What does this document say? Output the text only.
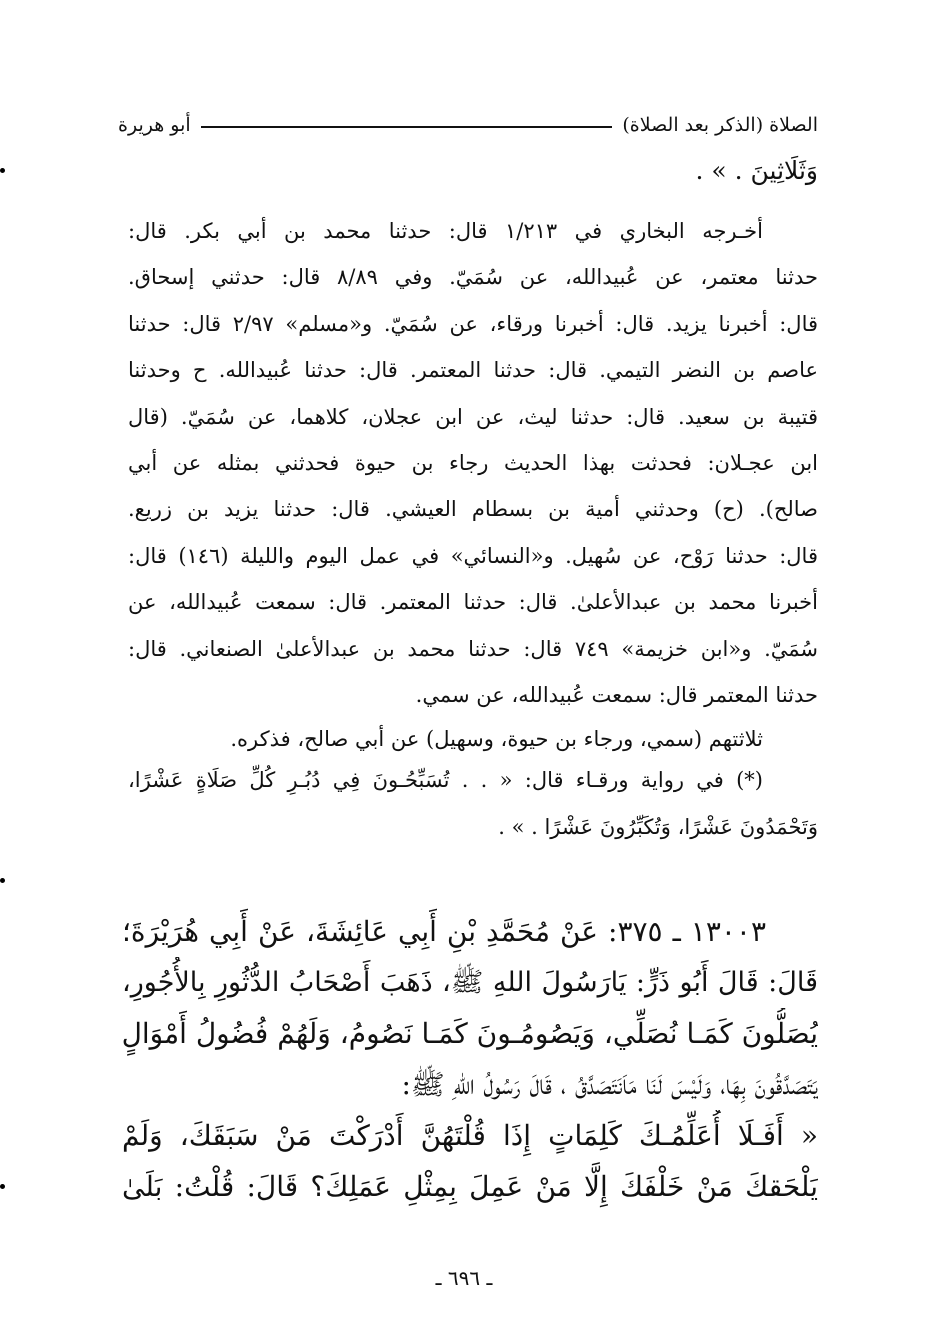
الصلاة (الذكر بعد الصلاة)
أبو هريرة
وَثَلَاثِينَ . » .
أخـرجه البخاري في ١/٢١٣ قال: حدثنا محمد بن أبي بكر. قال:
حدثنا معتمر، عن عُبيدالله، عن سُمَيّ. وفي ٨/٨٩ قال: حدثني إسحاق.
قال: أخبرنا يزيد. قال: أخبرنا ورقاء، عن سُمَيّ. و«مسلم» ٢/٩٧ قال: حدثنا
عاصم بن النضر التيمي. قال: حدثنا المعتمر. قال: حدثنا عُبيدالله. ح وحدثنا
قتيبة بن سعيد. قال: حدثنا ليث، عن ابن عجلان، كلاهما، عن سُمَيّ. (قال
ابن عجـلان: فحدثت بهذا الحديث رجاء بن حيوة فحدثني بمثله عن أبي
صالح). (ح) وحدثني أمية بن بسطام العيشي. قال: حدثنا يزيد بن زريع.
قال: حدثنا رَوْح، عن سُهيل. و«النسائي» في عمل اليوم والليلة (١٤٦) قال:
أخبرنا محمد بن عبدالأعلىٰ. قال: حدثنا المعتمر. قال: سمعت عُبيدالله، عن
سُمَيّ. و«ابن خزيمة» ٧٤٩ قال: حدثنا محمد بن عبدالأعلىٰ الصنعاني. قال:
حدثنا المعتمر قال: سمعت عُبيدالله، عن سمي.
ثلاثتهم (سمي، ورجاء بن حيوة، وسهيل) عن أبي صالح، فذكره.
(*) في رواية ورقـاء قال: « . . تُسَبِّحُـونَ فِي دُبُـرِ كُلِّ صَلَاةٍ عَشْرًا،
وَتَحْمَدُونَ عَشْرًا، وَتُكَبِّرُونَ عَشْرًا . » .
١٣٠٠٣ ـ ٣٧٥: عَنْ مُحَمَّدِ بْنِ أَبِي عَائِشَةَ، عَنْ أَبِي هُرَيْرَةَ؛
قَالَ: قَالَ أَبُو ذَرٍّ: يَارَسُولَ اللهِ ﷺ، ذَهَبَ أَصْحَابُ الدُّثُورِ بِالأُجُورِ،
يُصَلُّونَ كَمَـا نُصَلِّي، وَيَصُومُـونَ كَمَـا نَصُومُ، وَلَهُمْ فُضُولُ أَمْوَالٍ
يَتَصَدَّقُونَ بِهَا، وَلَيْسَ لَنَا مَاَنَتَصَدَّقُ ، قَالَ رَسُولُ اللهِ ﷺ:
« أَفَـلَا أُعَلِّمُـكَ كَلِمَاتٍ إِذَا قُلْتَهُنَّ أَدْرَكْتَ مَنْ سَبَقَكَ، وَلَمْ
يَلْحَقكَ مَنْ خَلْفَكَ إِلَّا مَنْ عَمِلَ بِمِثْلِ عَمَلِكَ؟ قَالَ: قُلْتُ: بَلَىٰ
ـ ٦٩٦ ـ
